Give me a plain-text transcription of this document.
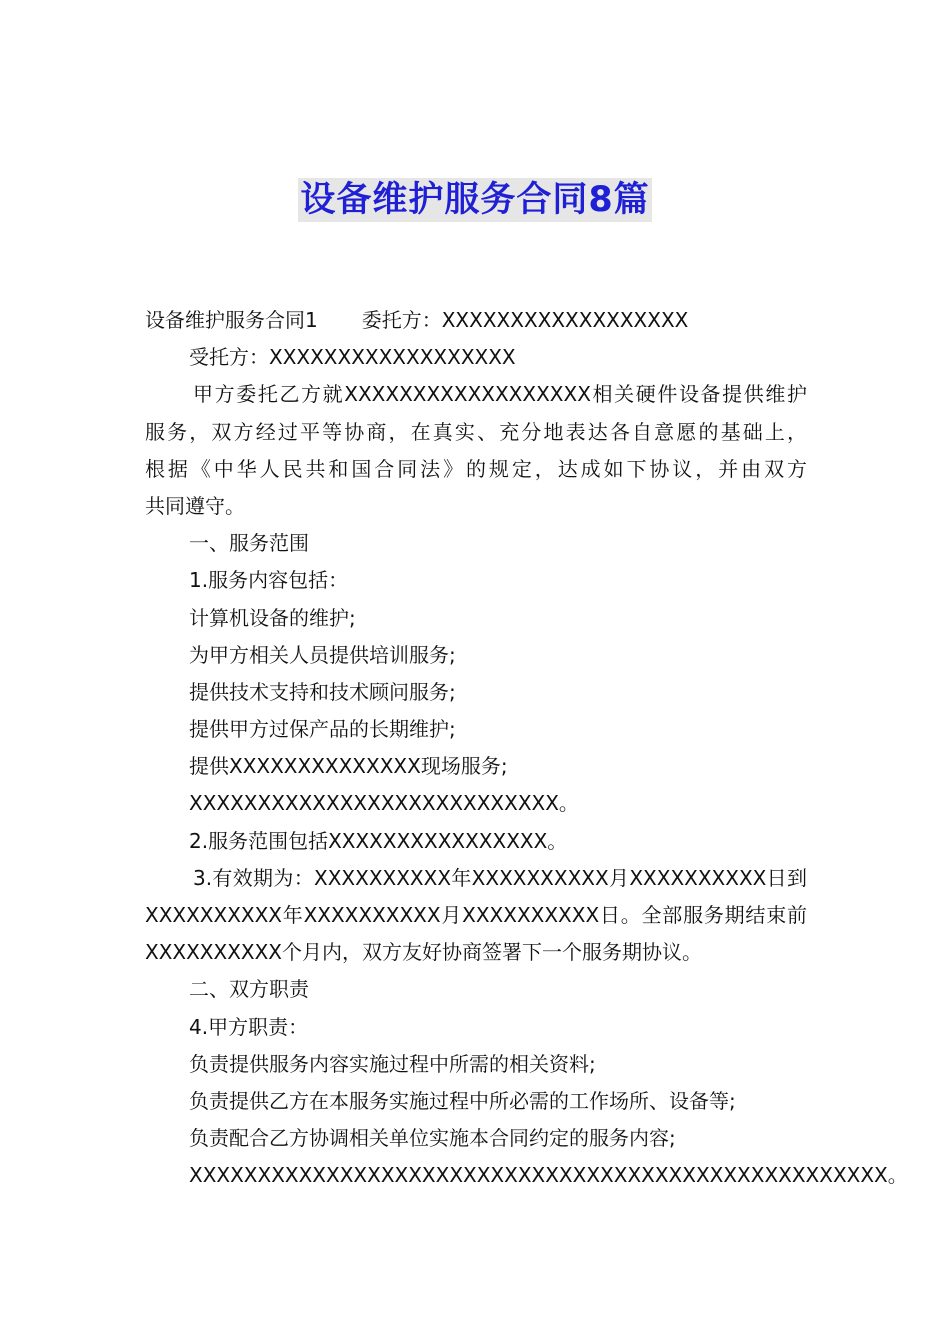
设备维护服务合同8篇
设备维护服务合同1 委托方：XXXXXXXXXXXXXXXXXX
受托方：XXXXXXXXXXXXXXXXXX
甲方委托乙方就XXXXXXXXXXXXXXXXXX相关硬件设备提供维护
服务，双方经过平等协商，在真实、充分地表达各自意愿的基础上，
根据《中华人民共和国合同法》的规定，达成如下协议，并由双方
共同遵守。
一、服务范围
1.服务内容包括：
计算机设备的维护;
为甲方相关人员提供培训服务;
提供技术支持和技术顾问服务;
提供甲方过保产品的长期维护;
提供XXXXXXXXXXXXXX现场服务;
XXXXXXXXXXXXXXXXXXXXXXXXXXX。
2.服务范围包括XXXXXXXXXXXXXXXX。
3.有效期为：XXXXXXXXXX年XXXXXXXXXX月XXXXXXXXXX日到
XXXXXXXXXX年XXXXXXXXXX月XXXXXXXXXX日。全部服务期结束前
XXXXXXXXXX个月内，双方友好协商签署下一个服务期协议。
二、双方职责
4.甲方职责：
负责提供服务内容实施过程中所需的相关资料;
负责提供乙方在本服务实施过程中所必需的工作场所、设备等;
负责配合乙方协调相关单位实施本合同约定的服务内容;
XXXXXXXXXXXXXXXXXXXXXXXXXXXXXXXXXXXXXXXXXXXXXXXXXXX。
